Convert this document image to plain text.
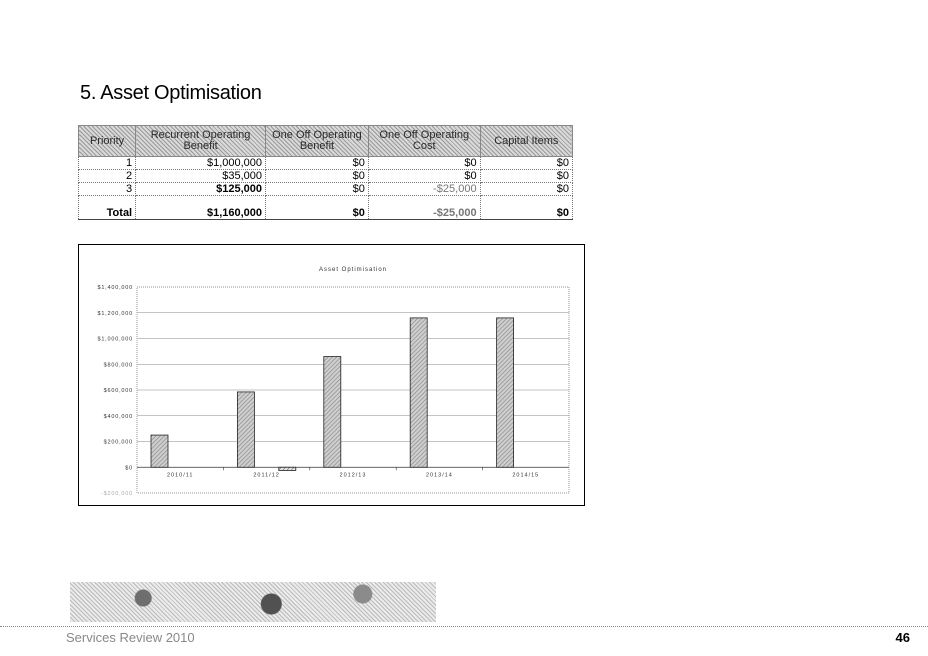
5. Asset Optimisation
Priority	Recurrent Operating Benefit	One Off Operating Benefit	One Off Operating Cost	Capital Items
1	$1,000,000	$0	$0	$0
2	$35,000	$0	$0	$0
3	$125,000	$0	-$25,000	$0
Total	$1,160,000	$0	-$25,000	$0
Asset Optimisation
-$200,000
$0
$200,000
$400,000
$600,000
$800,000
$1,000,000
$1,200,000
$1,400,000
2010/11	2011/12	2012/13	2013/14	2014/15
Services Review 2010	46
